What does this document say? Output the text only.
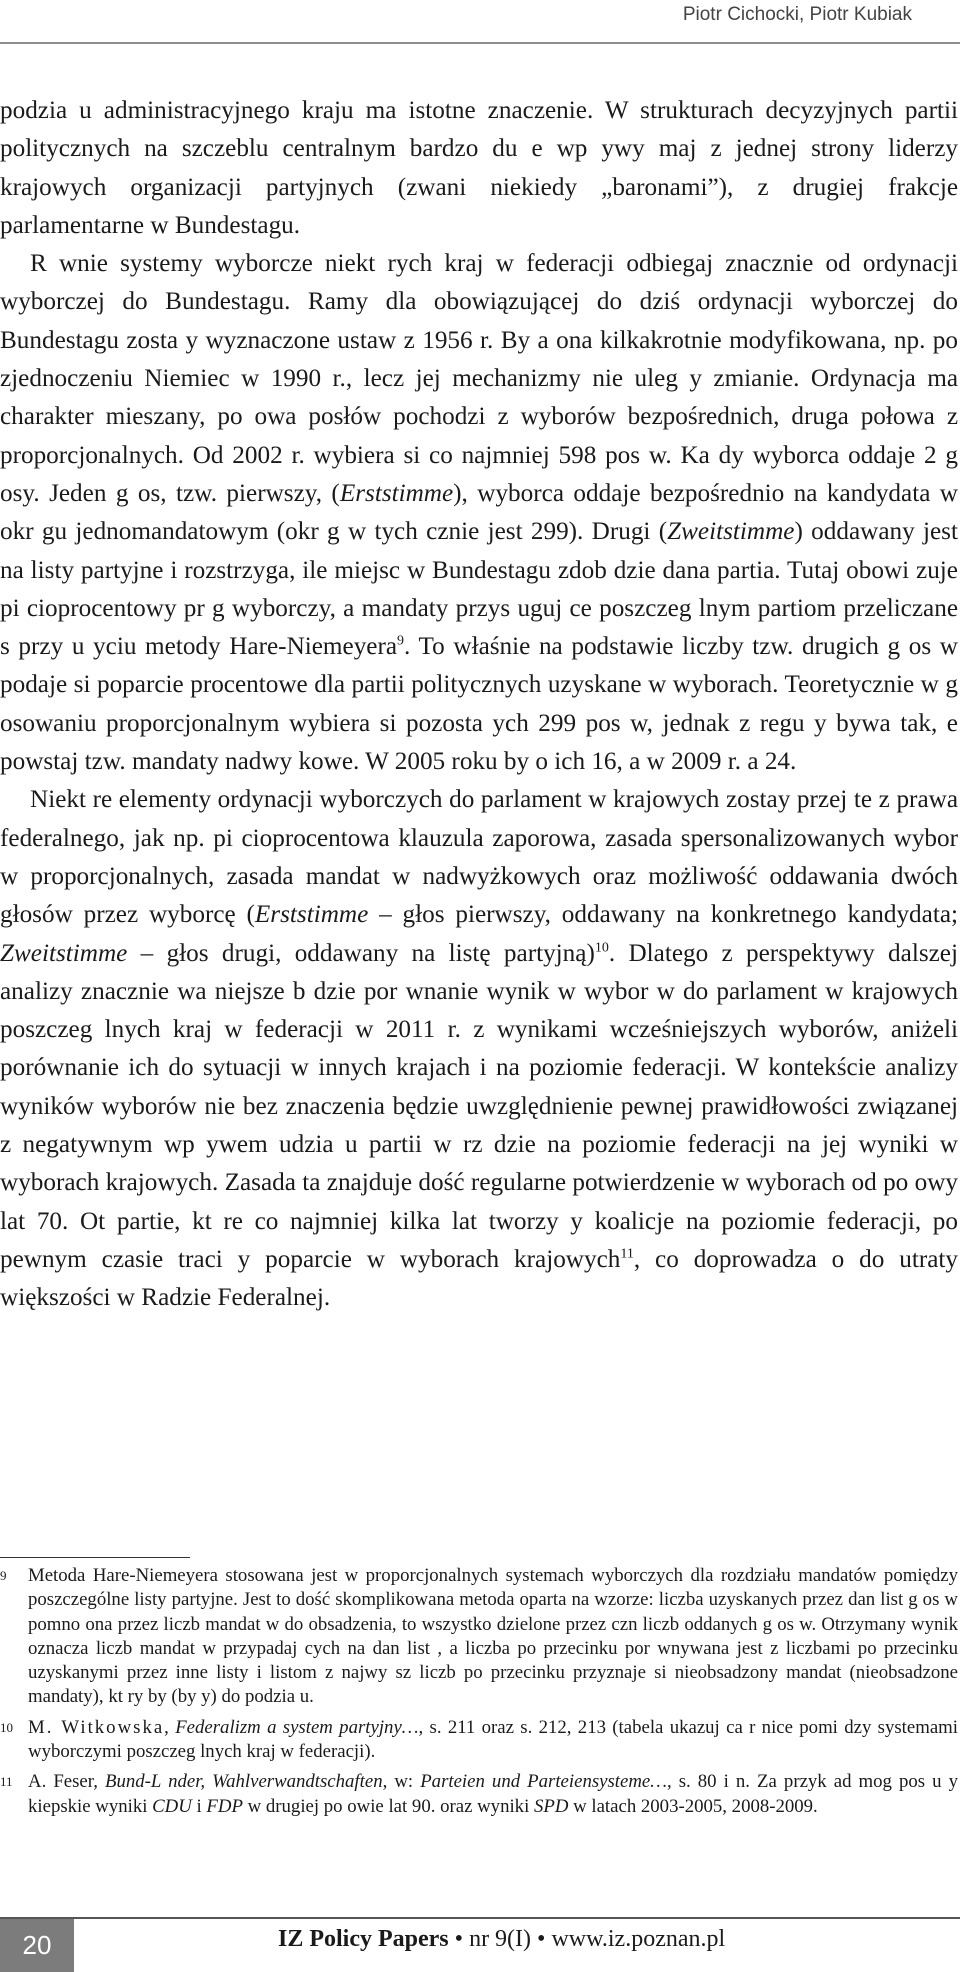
Piotr Cichocki, Piotr Kubiak

podzia u administracyjnego kraju ma istotne znaczenie. W strukturach decyzyjnych partii politycznych na szczeblu centralnym bardzo du e wp ywy maj z jednej strony liderzy krajowych organizacji partyjnych (zwani niekiedy „baronami”), z drugiej frakcje parlamentarne w Bundestagu.

R wnie systemy wyborcze niekt rych kraj w federacji odbiegaj znacznie od ordynacji wyborczej do Bundestagu. Ramy dla obowiązującej do dziś ordynacji wyborczej do Bundestagu zosta y wyznaczone ustaw z 1956 r. By a ona kilkakrotnie modyfikowana, np. po zjednoczeniu Niemiec w 1990 r., lecz jej mechanizmy nie uleg y zmianie. Ordynacja ma charakter mieszany, po owa posłów pochodzi z wyborów bezpośrednich, druga połowa z proporcjonalnych. Od 2002 r. wybiera si co najmniej 598 pos w. Ka dy wyborca oddaje 2 g osy. Jeden g os, tzw. pierwszy, (Erststimme), wyborca oddaje bezpośrednio na kandydata w okr gu jednomandatowym (okr g w tych cznie jest 299). Drugi (Zweitstimme) oddawany jest na listy partyjne i rozstrzyga, ile miejsc w Bundestagu zdob dzie dana partia. Tutaj obowi zuje pi cioprocentowy pr g wyborczy, a mandaty przys uguj ce poszczeg lnym partiom przeliczane s przy u yciu metody Hare-Niemeyera$^9$. To właśnie na podstawie liczby tzw. drugich g os w podaje si poparcie procentowe dla partii politycznych uzyskane w wyborach. Teoretycznie w g osowaniu proporcjonalnym wybiera si pozosta ych 299 pos w, jednak z regu y bywa tak, e powstaj tzw. mandaty nadwy kowe. W 2005 roku by o ich 16, a w 2009 r. a 24.

Niekt re elementy ordynacji wyborczych do parlament w krajowych zostay przej te z prawa federalnego, jak np. pi cioprocentowa klauzula zaporowa, zasada spersonalizowanych wybor w proporcjonalnych, zasada mandat w nadwyżkowych oraz możliwość oddawania dwóch głosów przez wyborcę (Erststimme – głos pierwszy, oddawany na konkretnego kandydata; Zweitstimme – głos drugi, oddawany na listę partyjną)$^{10}$. Dlatego z perspektywy dalszej analizy znacznie wa niejsze b dzie por wnanie wynik w wybor w do parlament w krajowych poszczeg lnych kraj w federacji w 2011 r. z wynikami wcześniejszych wyborów, aniżeli porównanie ich do sytuacji w innych krajach i na poziomie federacji. W kontekście analizy wyników wyborów nie bez znaczenia będzie uwzględnienie pewnej prawidłowości związanej z negatywnym wp ywem udzia u partii w rz dzie na poziomie federacji na jej wyniki w wyborach krajowych. Zasada ta znajduje dość regularne potwierdzenie w wyborach od po owy lat 70. Ot partie, kt re co najmniej kilka lat tworzy y koalicje na poziomie federacji, po pewnym czasie traci y poparcie w wyborach krajowych$^{11}$, co doprowadza o do utraty większości w Radzie Federalnej.

9 Metoda Hare-Niemeyera stosowana jest w proporcjonalnych systemach wyborczych dla rozdziału mandatów pomiędzy poszczególne listy partyjne. Jest to dość skomplikowana metoda oparta na wzorze: liczba uzyskanych przez dan list g os w pomno ona przez liczb mandat w do obsadzenia, to wszystko dzielone przez czn liczb oddanych g os w. Otrzymany wynik oznacza liczb mandat w przypadaj cych na dan list , a liczba po przecinku por wnywana jest z liczbami po przecinku uzyskanymi przez inne listy i listom z najwy sz liczb po przecinku przyznaje si nieobsadzony mandat (nieobsadzone mandaty), kt ry by (by y) do podzia u.

10 M. Witkowska, Federalizm a system partyjny…, s. 211 oraz s. 212, 213 (tabela ukazuj ca r nice pomi dzy systemami wyborczymi poszczeg lnych kraj w federacji).

11 A. Feser, Bund-L nder, Wahlverwandtschaften, w: Parteien und Parteiensysteme…, s. 80 i n. Za przyk ad mog pos u y kiepskie wyniki CDU i FDP w drugiej po owie lat 90. oraz wyniki SPD w latach 2003-2005, 2008-2009.

20	IZ Policy Papers • nr 9(I) • www.iz.poznan.pl
